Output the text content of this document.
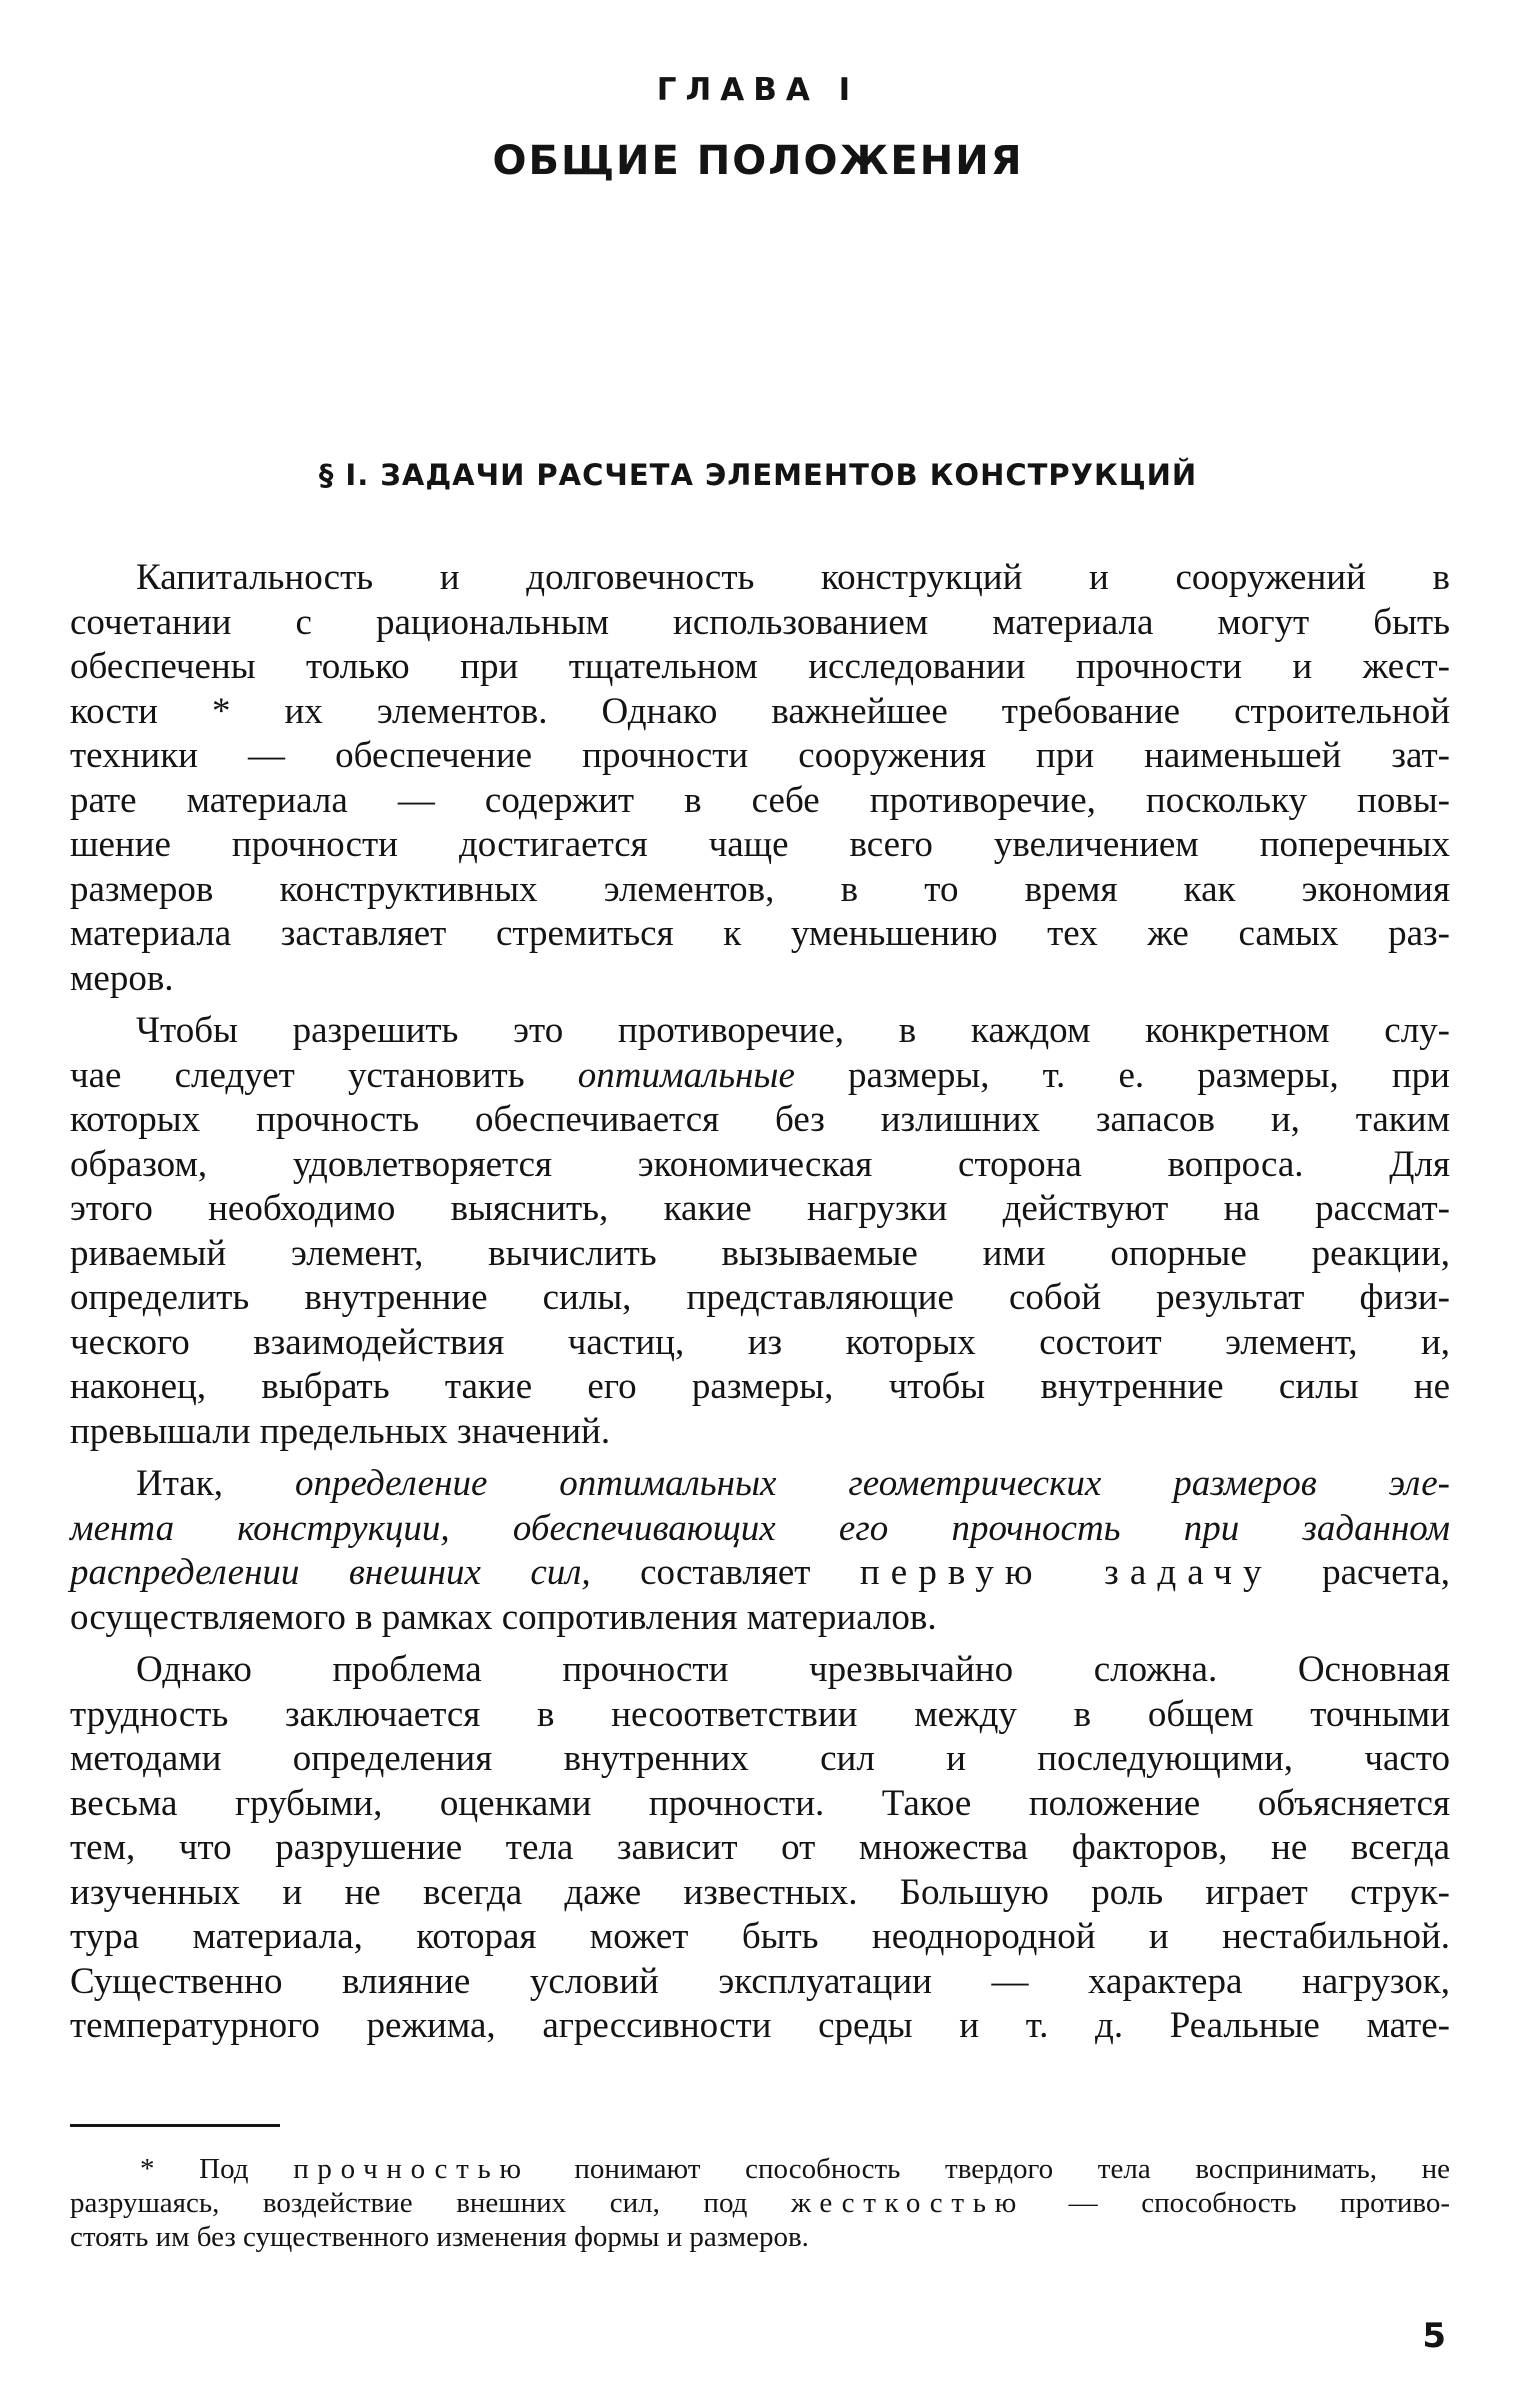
ГЛАВА I
ОБЩИЕ ПОЛОЖЕНИЯ
§ I. ЗАДАЧИ РАСЧЕТА ЭЛЕМЕНТОВ КОНСТРУКЦИЙ
Капитальность и долговечность конструкций и сооружений в
сочетании с рациональным использованием материала могут быть
обеспечены только при тщательном исследовании прочности и жест-
кости * их элементов. Однако важнейшее требование строительной
техники — обеспечение прочности сооружения при наименьшей зат-
рате материала — содержит в себе противоречие, поскольку повы-
шение прочности достигается чаще всего увеличением поперечных
размеров конструктивных элементов, в то время как экономия
материала заставляет стремиться к уменьшению тех же самых раз-
меров.
Чтобы разрешить это противоречие, в каждом конкретном слу-
чае следует установить оптимальные размеры, т. е. размеры, при
которых прочность обеспечивается без излишних запасов и, таким
образом, удовлетворяется экономическая сторона вопроса. Для
этого необходимо выяснить, какие нагрузки действуют на рассмат-
риваемый элемент, вычислить вызываемые ими опорные реакции,
определить внутренние силы, представляющие собой результат физи-
ческого взаимодействия частиц, из которых состоит элемент, и,
наконец, выбрать такие его размеры, чтобы внутренние силы не
превышали предельных значений.
Итак, определение оптимальных геометрических размеров эле-
мента конструкции, обеспечивающих его прочность при заданном
распределении внешних сил, составляет первую задачу расчета,
осуществляемого в рамках сопротивления материалов.
Однако проблема прочности чрезвычайно сложна. Основная
трудность заключается в несоответствии между в общем точными
методами определения внутренних сил и последующими, часто
весьма грубыми, оценками прочности. Такое положение объясняется
тем, что разрушение тела зависит от множества факторов, не всегда
изученных и не всегда даже известных. Большую роль играет струк-
тура материала, которая может быть неоднородной и нестабильной.
Существенно влияние условий эксплуатации — характера нагрузок,
температурного режима, агрессивности среды и т. д. Реальные мате-
* Под прочностью понимают способность твердого тела воспринимать, не
разрушаясь, воздействие внешних сил, под жесткостью — способность противо-
стоять им без существенного изменения формы и размеров.
5
